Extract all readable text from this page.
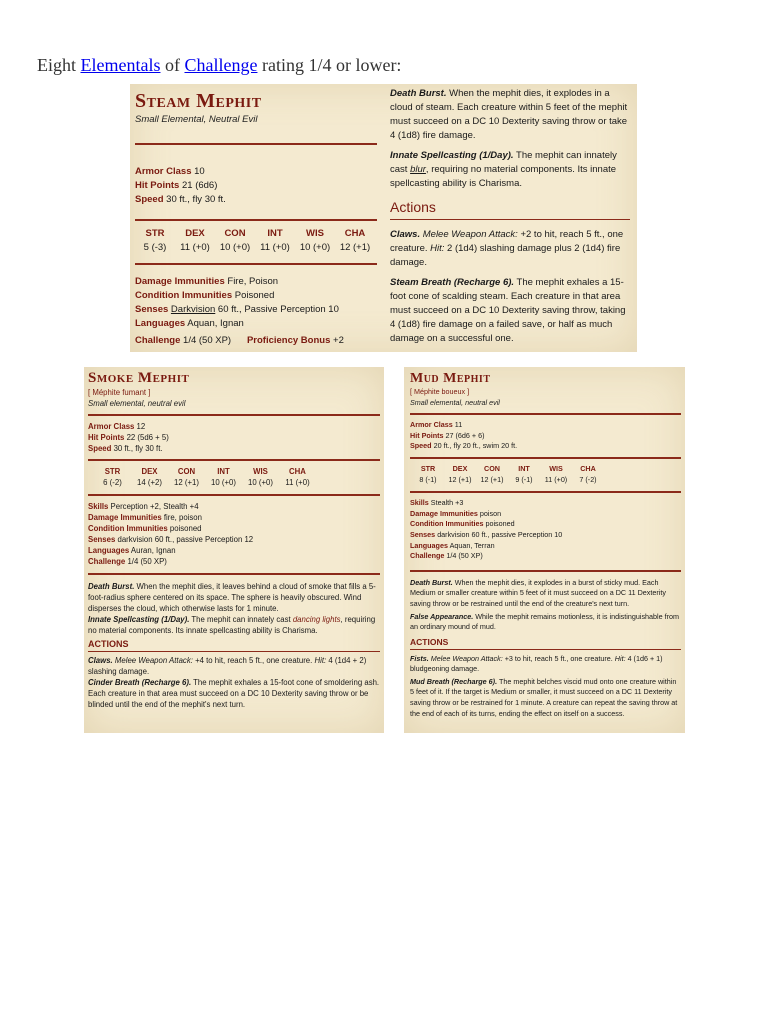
Eight Elementals of Challenge rating 1/4 or lower:
Steam Mephit
Small Elemental, Neutral Evil
Armor Class 10
Hit Points 21 (6d6)
Speed 30 ft., fly 30 ft.
STR
5 (-3)
DEX
11 (+0)
CON
10 (+0)
INT
11 (+0)
WIS
10 (+0)
CHA
12 (+1)
Damage Immunities Fire, Poison
Condition Immunities Poisoned
Senses Darkvision 60 ft., Passive Perception 10
Languages Aquan, Ignan
Challenge 1/4 (50 XP) Proficiency Bonus +2

Death Burst. When the mephit dies, it explodes in a cloud of steam. Each creature within 5 feet of the mephit must succeed on a DC 10 Dexterity saving throw or take 4 (1d8) fire damage.

Innate Spellcasting (1/Day). The mephit can innately cast blur, requiring no material components. Its innate spellcasting ability is Charisma.

Actions

Claws. Melee Weapon Attack: +2 to hit, reach 5 ft., one creature. Hit: 2 (1d4) slashing damage plus 2 (1d4) fire damage.

Steam Breath (Recharge 6). The mephit exhales a 15-foot cone of scalding steam. Each creature in that area must succeed on a DC 10 Dexterity saving throw, taking 4 (1d8) fire damage on a failed save, or half as much damage on a successful one.

Smoke Mephit
[ Méphite fumant ]
Small elemental, neutral evil
Armor Class 12
Hit Points 22 (5d6 + 5)
Speed 30 ft., fly 30 ft.
STR
6 (-2)
DEX
14 (+2)
CON
12 (+1)
INT
10 (+0)
WIS
10 (+0)
CHA
11 (+0)
Skills Perception +2, Stealth +4
Damage Immunities fire, poison
Condition Immunities poisoned
Senses darkvision 60 ft., passive Perception 12
Languages Auran, Ignan
Challenge 1/4 (50 XP)

Death Burst. When the mephit dies, it leaves behind a cloud of smoke that fills a 5-foot-radius sphere centered on its space. The sphere is heavily obscured. Wind disperses the cloud, which otherwise lasts for 1 minute.

Innate Spellcasting (1/Day). The mephit can innately cast dancing lights, requiring no material components. Its innate spellcasting ability is Charisma.

ACTIONS

Claws. Melee Weapon Attack: +4 to hit, reach 5 ft., one creature. Hit: 4 (1d4 + 2) slashing damage.

Cinder Breath (Recharge 6). The mephit exhales a 15-foot cone of smoldering ash. Each creature in that area must succeed on a DC 10 Dexterity saving throw or be blinded until the end of the mephit's next turn.

Mud Mephit
[ Méphite boueux ]
Small elemental, neutral evil
Armor Class 11
Hit Points 27 (6d6 + 6)
Speed 20 ft., fly 20 ft., swim 20 ft.
STR
8 (-1)
DEX
12 (+1)
CON
12 (+1)
INT
9 (-1)
WIS
11 (+0)
CHA
7 (-2)
Skills Stealth +3
Damage Immunities poison
Condition Immunities poisoned
Senses darkvision 60 ft., passive Perception 10
Languages Aquan, Terran
Challenge 1/4 (50 XP)

Death Burst. When the mephit dies, it explodes in a burst of sticky mud. Each Medium or smaller creature within 5 feet of it must succeed on a DC 11 Dexterity saving throw or be restrained until the end of the creature's next turn.

False Appearance. While the mephit remains motionless, it is indistinguishable from an ordinary mound of mud.

ACTIONS

Fists. Melee Weapon Attack: +3 to hit, reach 5 ft., one creature. Hit: 4 (1d6 + 1) bludgeoning damage.

Mud Breath (Recharge 6). The mephit belches viscid mud onto one creature within 5 feet of it. If the target is Medium or smaller, it must succeed on a DC 11 Dexterity saving throw or be restrained for 1 minute. A creature can repeat the saving throw at the end of each of its turns, ending the effect on itself on a success.
